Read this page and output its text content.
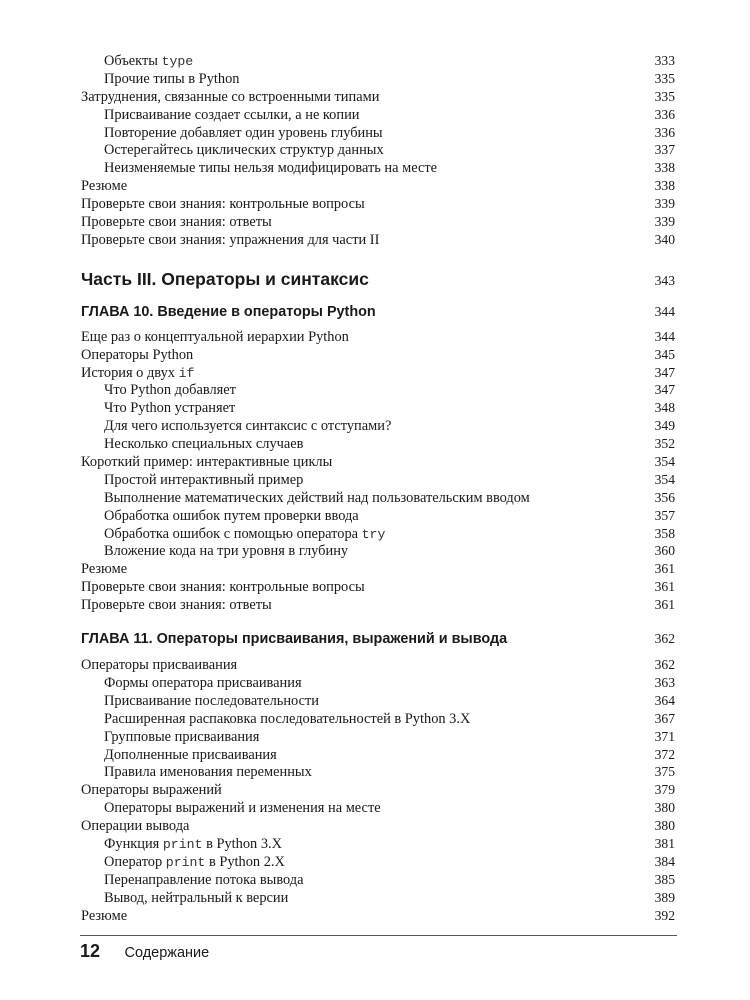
Объекты type	333
Прочие типы в Python	335
Затруднения, связанные со встроенными типами	335
Присваивание создает ссылки, а не копии	336
Повторение добавляет один уровень глубины	336
Остерегайтесь циклических структур данных	337
Неизменяемые типы нельзя модифицировать на месте	338
Резюме	338
Проверьте свои знания: контрольные вопросы	339
Проверьте свои знания: ответы	339
Проверьте свои знания: упражнения для части II	340
Часть III. Операторы и синтаксис	343
ГЛАВА 10. Введение в операторы Python	344
Еще раз о концептуальной иерархии Python	344
Операторы Python	345
История о двух if	347
Что Python добавляет	347
Что Python устраняет	348
Для чего используется синтаксис с отступами?	349
Несколько специальных случаев	352
Короткий пример: интерактивные циклы	354
Простой интерактивный пример	354
Выполнение математических действий над пользовательским вводом	356
Обработка ошибок путем проверки ввода	357
Обработка ошибок с помощью оператора try	358
Вложение кода на три уровня в глубину	360
Резюме	361
Проверьте свои знания: контрольные вопросы	361
Проверьте свои знания: ответы	361
ГЛАВА 11. Операторы присваивания, выражений и вывода	362
Операторы присваивания	362
Формы оператора присваивания	363
Присваивание последовательности	364
Расширенная распаковка последовательностей в Python 3.X	367
Групповые присваивания	371
Дополненные присваивания	372
Правила именования переменных	375
Операторы выражений	379
Операторы выражений и изменения на месте	380
Операции вывода	380
Функция print в Python 3.X	381
Оператор print в Python 2.X	384
Перенаправление потока вывода	385
Вывод, нейтральный к версии	389
Резюме	392
12 Содержание
